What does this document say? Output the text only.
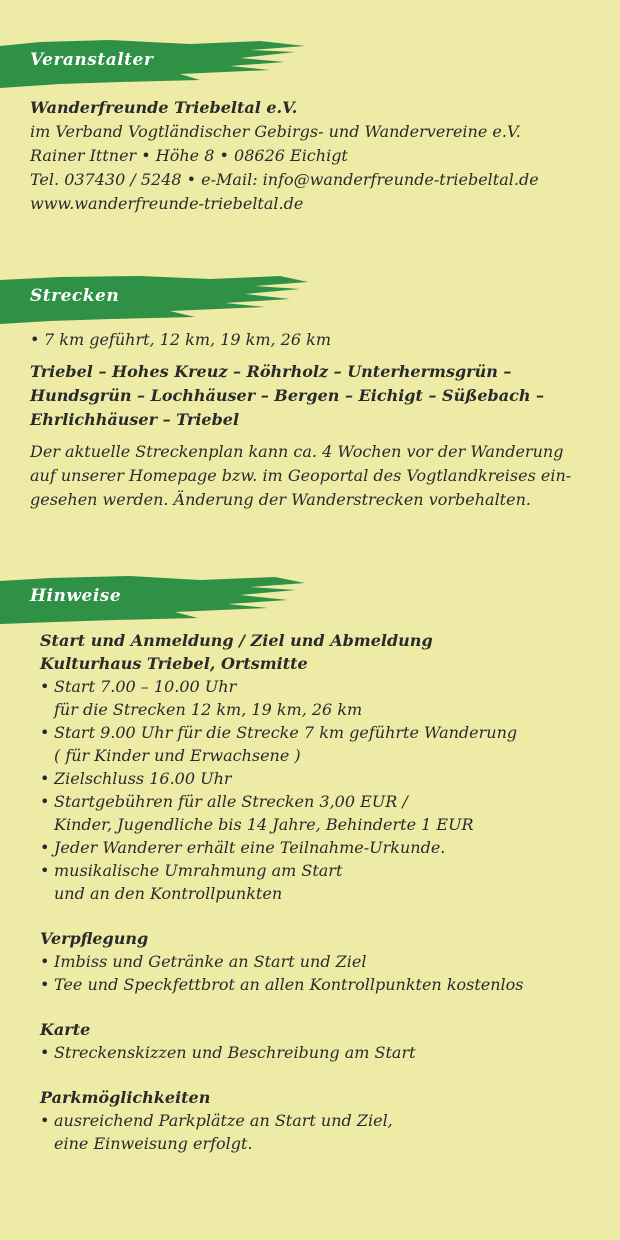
Veranstalter

Wanderfreunde Triebeltal e.V.

im Verband Vogtländischer Gebirgs- und Wandervereine e.V.

Rainer Ittner • Höhe 8 • 08626 Eichigt

Tel. 037430 / 5248 • e-Mail: info@wanderfreunde-triebeltal.de

www.wanderfreunde-triebeltal.de

Strecken
• 7 km geführt, 12 km, 19 km, 26 km

Triebel – Hohes Kreuz – Röhrholz – Unterhermsgrün –

Hundsgrün – Lochhäuser – Bergen – Eichigt – Süßebach –

Ehrlichhäuser – Triebel

Der aktuelle Streckenplan kann ca. 4 Wochen vor der Wanderung

auf unserer Homepage bzw. im Geoportal des Vogtlandkreises ein-

gesehen werden. Änderung der Wanderstrecken vorbehalten.

Hinweise

Start und Anmeldung / Ziel und Abmeldung

Kulturhaus Triebel, Ortsmitte

• Start 7.00 – 10.00 Uhr
für die Strecken 12 km, 19 km, 26 km
• Start 9.00 Uhr für die Strecke 7 km geführte Wanderung
( für Kinder und Erwachsene )
• Zielschluss 16.00 Uhr
• Startgebühren für alle Strecken 3,00 EUR /
Kinder, Jugendliche bis 14 Jahre, Behinderte 1 EUR
• Jeder Wanderer erhält eine Teilnahme-Urkunde.
• musikalische Umrahmung am Start
und an den Kontrollpunkten

Verpflegung

• Imbiss und Getränke an Start und Ziel
• Tee und Speckfettbrot an allen Kontrollpunkten kostenlos

Karte

• Streckenskizzen und Beschreibung am Start

Parkmöglichkeiten

• ausreichend Parkplätze an Start und Ziel,
eine Einweisung erfolgt.
